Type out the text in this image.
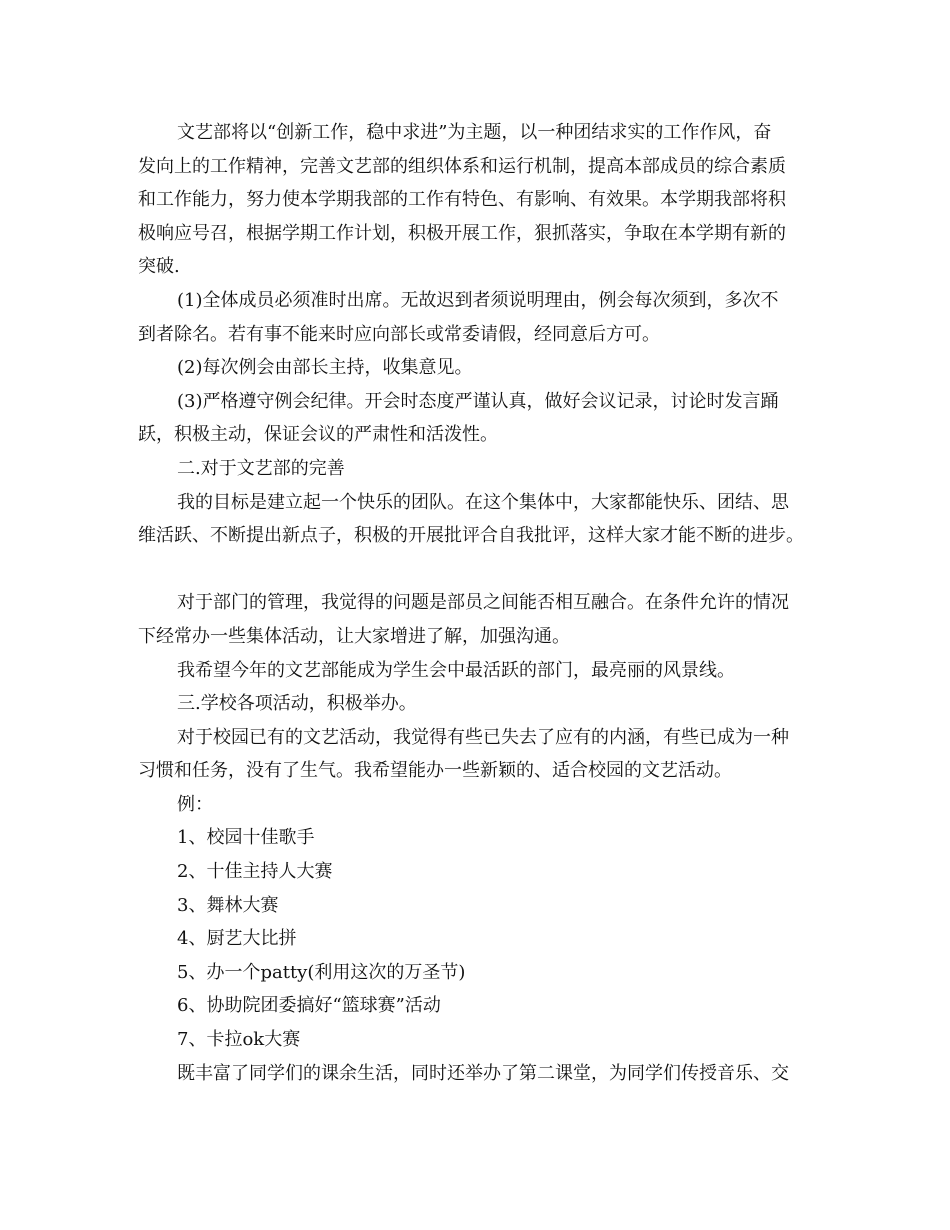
文艺部将以“创新工作，稳中求进”为主题，以一种团结求实的工作作风，奋
发向上的工作精神，完善文艺部的组织体系和运行机制，提高本部成员的综合素质
和工作能力，努力使本学期我部的工作有特色、有影响、有效果。本学期我部将积
极响应号召，根据学期工作计划，积极开展工作，狠抓落实，争取在本学期有新的
突破.
(1)全体成员必须准时出席。无故迟到者须说明理由，例会每次须到，多次不
到者除名。若有事不能来时应向部长或常委请假，经同意后方可。
(2)每次例会由部长主持，收集意见。
(3)严格遵守例会纪律。开会时态度严谨认真，做好会议记录，讨论时发言踊
跃，积极主动，保证会议的严肃性和活泼性。
二.对于文艺部的完善
我的目标是建立起一个快乐的团队。在这个集体中，大家都能快乐、团结、思
维活跃、不断提出新点子，积极的开展批评合自我批评，这样大家才能不断的进步。
对于部门的管理，我觉得的问题是部员之间能否相互融合。在条件允许的情况
下经常办一些集体活动，让大家增进了解，加强沟通。
我希望今年的文艺部能成为学生会中最活跃的部门，最亮丽的风景线。
三.学校各项活动，积极举办。
对于校园已有的文艺活动，我觉得有些已失去了应有的内涵，有些已成为一种
习惯和任务，没有了生气。我希望能办一些新颖的、适合校园的文艺活动。
例：
1、校园十佳歌手
2、十佳主持人大赛
3、舞林大赛
4、厨艺大比拼
5、办一个patty(利用这次的万圣节)
6、协助院团委搞好“篮球赛”活动
7、卡拉ok大赛
既丰富了同学们的课余生活，同时还举办了第二课堂，为同学们传授音乐、交
